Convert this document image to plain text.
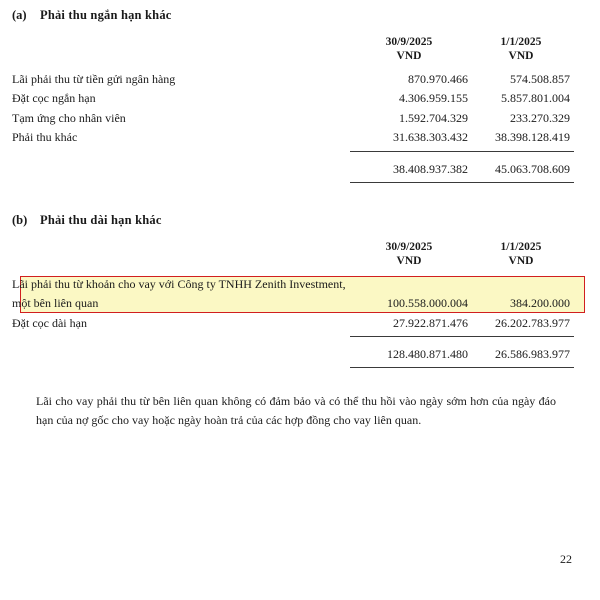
(a)	Phải thu ngắn hạn khác

30/9/2025
VND

1/1/2025
VND

Lãi phải thu từ tiền gửi ngân hàng	870.970.466	574.508.857
Đặt cọc ngắn hạn	4.306.959.155	5.857.801.004
Tạm ứng cho nhân viên	1.592.704.329	233.270.329
Phải thu khác	31.638.303.432	38.398.128.419

	38.408.937.382	45.063.708.609

(b)	Phải thu dài hạn khác

30/9/2025
VND

1/1/2025
VND

Lãi phải thu từ khoản cho vay với Công ty TNHH Zenith Investment, một bên liên quan	100.558.000.004	384.200.000
Đặt cọc dài hạn	27.922.871.476	26.202.783.977

	128.480.871.480	26.586.983.977

Lãi cho vay phải thu từ bên liên quan không có đảm bảo và có thể thu hồi vào ngày sớm hơn của ngày đáo hạn của nợ gốc cho vay hoặc ngày hoàn trả của các hợp đồng cho vay liên quan.

22
